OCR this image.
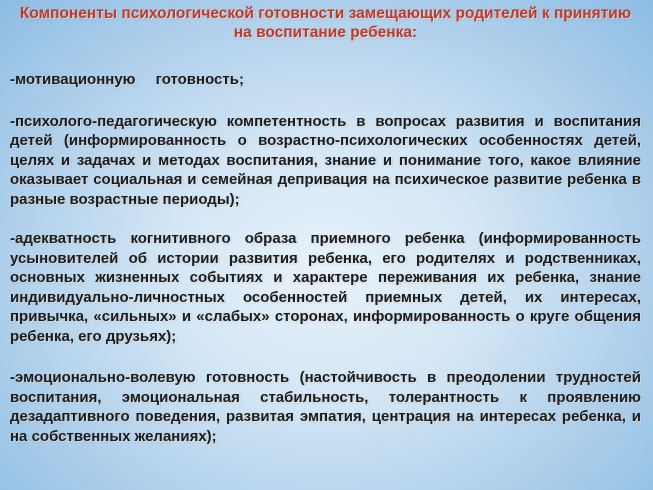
Компоненты психологической готовности замещающих родителей к принятию на воспитание ребенка:

-мотивационную готовность;

-психолого-педагогическую компетентность в вопросах развития и воспитания детей (информированность о возрастно-психологических особенностях детей, целях и задачах и методах воспитания, знание и понимание того, какое влияние оказывает социальная и семейная депривация на психическое развитие ребенка в разные возрастные периоды);

-адекватность когнитивного образа приемного ребенка (информированность усыновителей об истории развития ребенка, его родителях и родственниках, основных жизненных событиях и характере переживания их ребенка, знание индивидуально-личностных особенностей приемных детей, их интересах, привычка, «сильных» и «слабых» сторонах, информированность о круге общения ребенка, его друзьях);

-эмоционально-волевую готовность (настойчивость в преодолении трудностей воспитания, эмоциональная стабильность, толерантность к проявлению дезадаптивного поведения, развитая эмпатия, центрация на интересах ребенка, и на собственных желаниях);
